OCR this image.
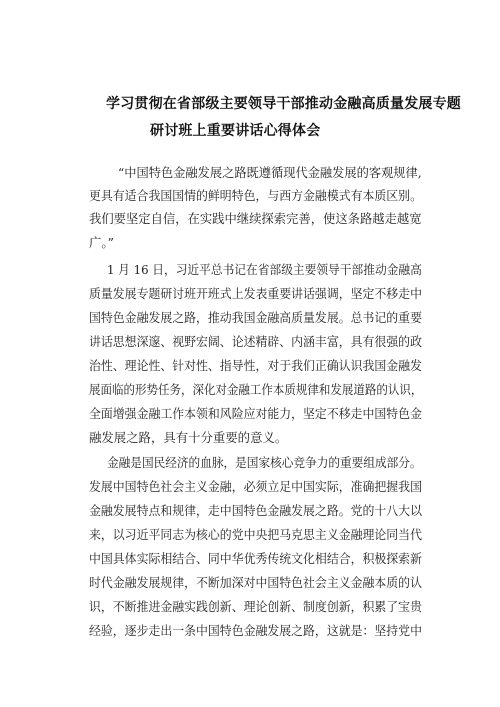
学习贯彻在省部级主要领导干部推动金融高质量发展专题
研讨班上重要讲话心得体会
“中国特色金融发展之路既遵循现代金融发展的客观规律,
更具有适合我国国情的鲜明特色，与西方金融模式有本质区别。
我们要坚定自信，在实践中继续探索完善，使这条路越走越宽
广。”
1 月 16 日，习近平总书记在省部级主要领导干部推动金融高
质量发展专题研讨班开班式上发表重要讲话强调，坚定不移走中
国特色金融发展之路，推动我国金融高质量发展。总书记的重要
讲话思想深邃、视野宏阔、论述精辟、内涵丰富，具有很强的政
治性、理论性、针对性、指导性，对于我们正确认识我国金融发
展面临的形势任务，深化对金融工作本质规律和发展道路的认识，
全面增强金融工作本领和风险应对能力，坚定不移走中国特色金
融发展之路，具有十分重要的意义。
金融是国民经济的血脉，是国家核心竞争力的重要组成部分。
发展中国特色社会主义金融，必须立足中国实际，准确把握我国
金融发展特点和规律，走中国特色金融发展之路。党的十八大以
来，以习近平同志为核心的党中央把马克思主义金融理论同当代
中国具体实际相结合、同中华优秀传统文化相结合，积极探索新
时代金融发展规律，不断加深对中国特色社会主义金融本质的认
识，不断推进金融实践创新、理论创新、制度创新，积累了宝贵
经验，逐步走出一条中国特色金融发展之路，这就是：坚持党中
